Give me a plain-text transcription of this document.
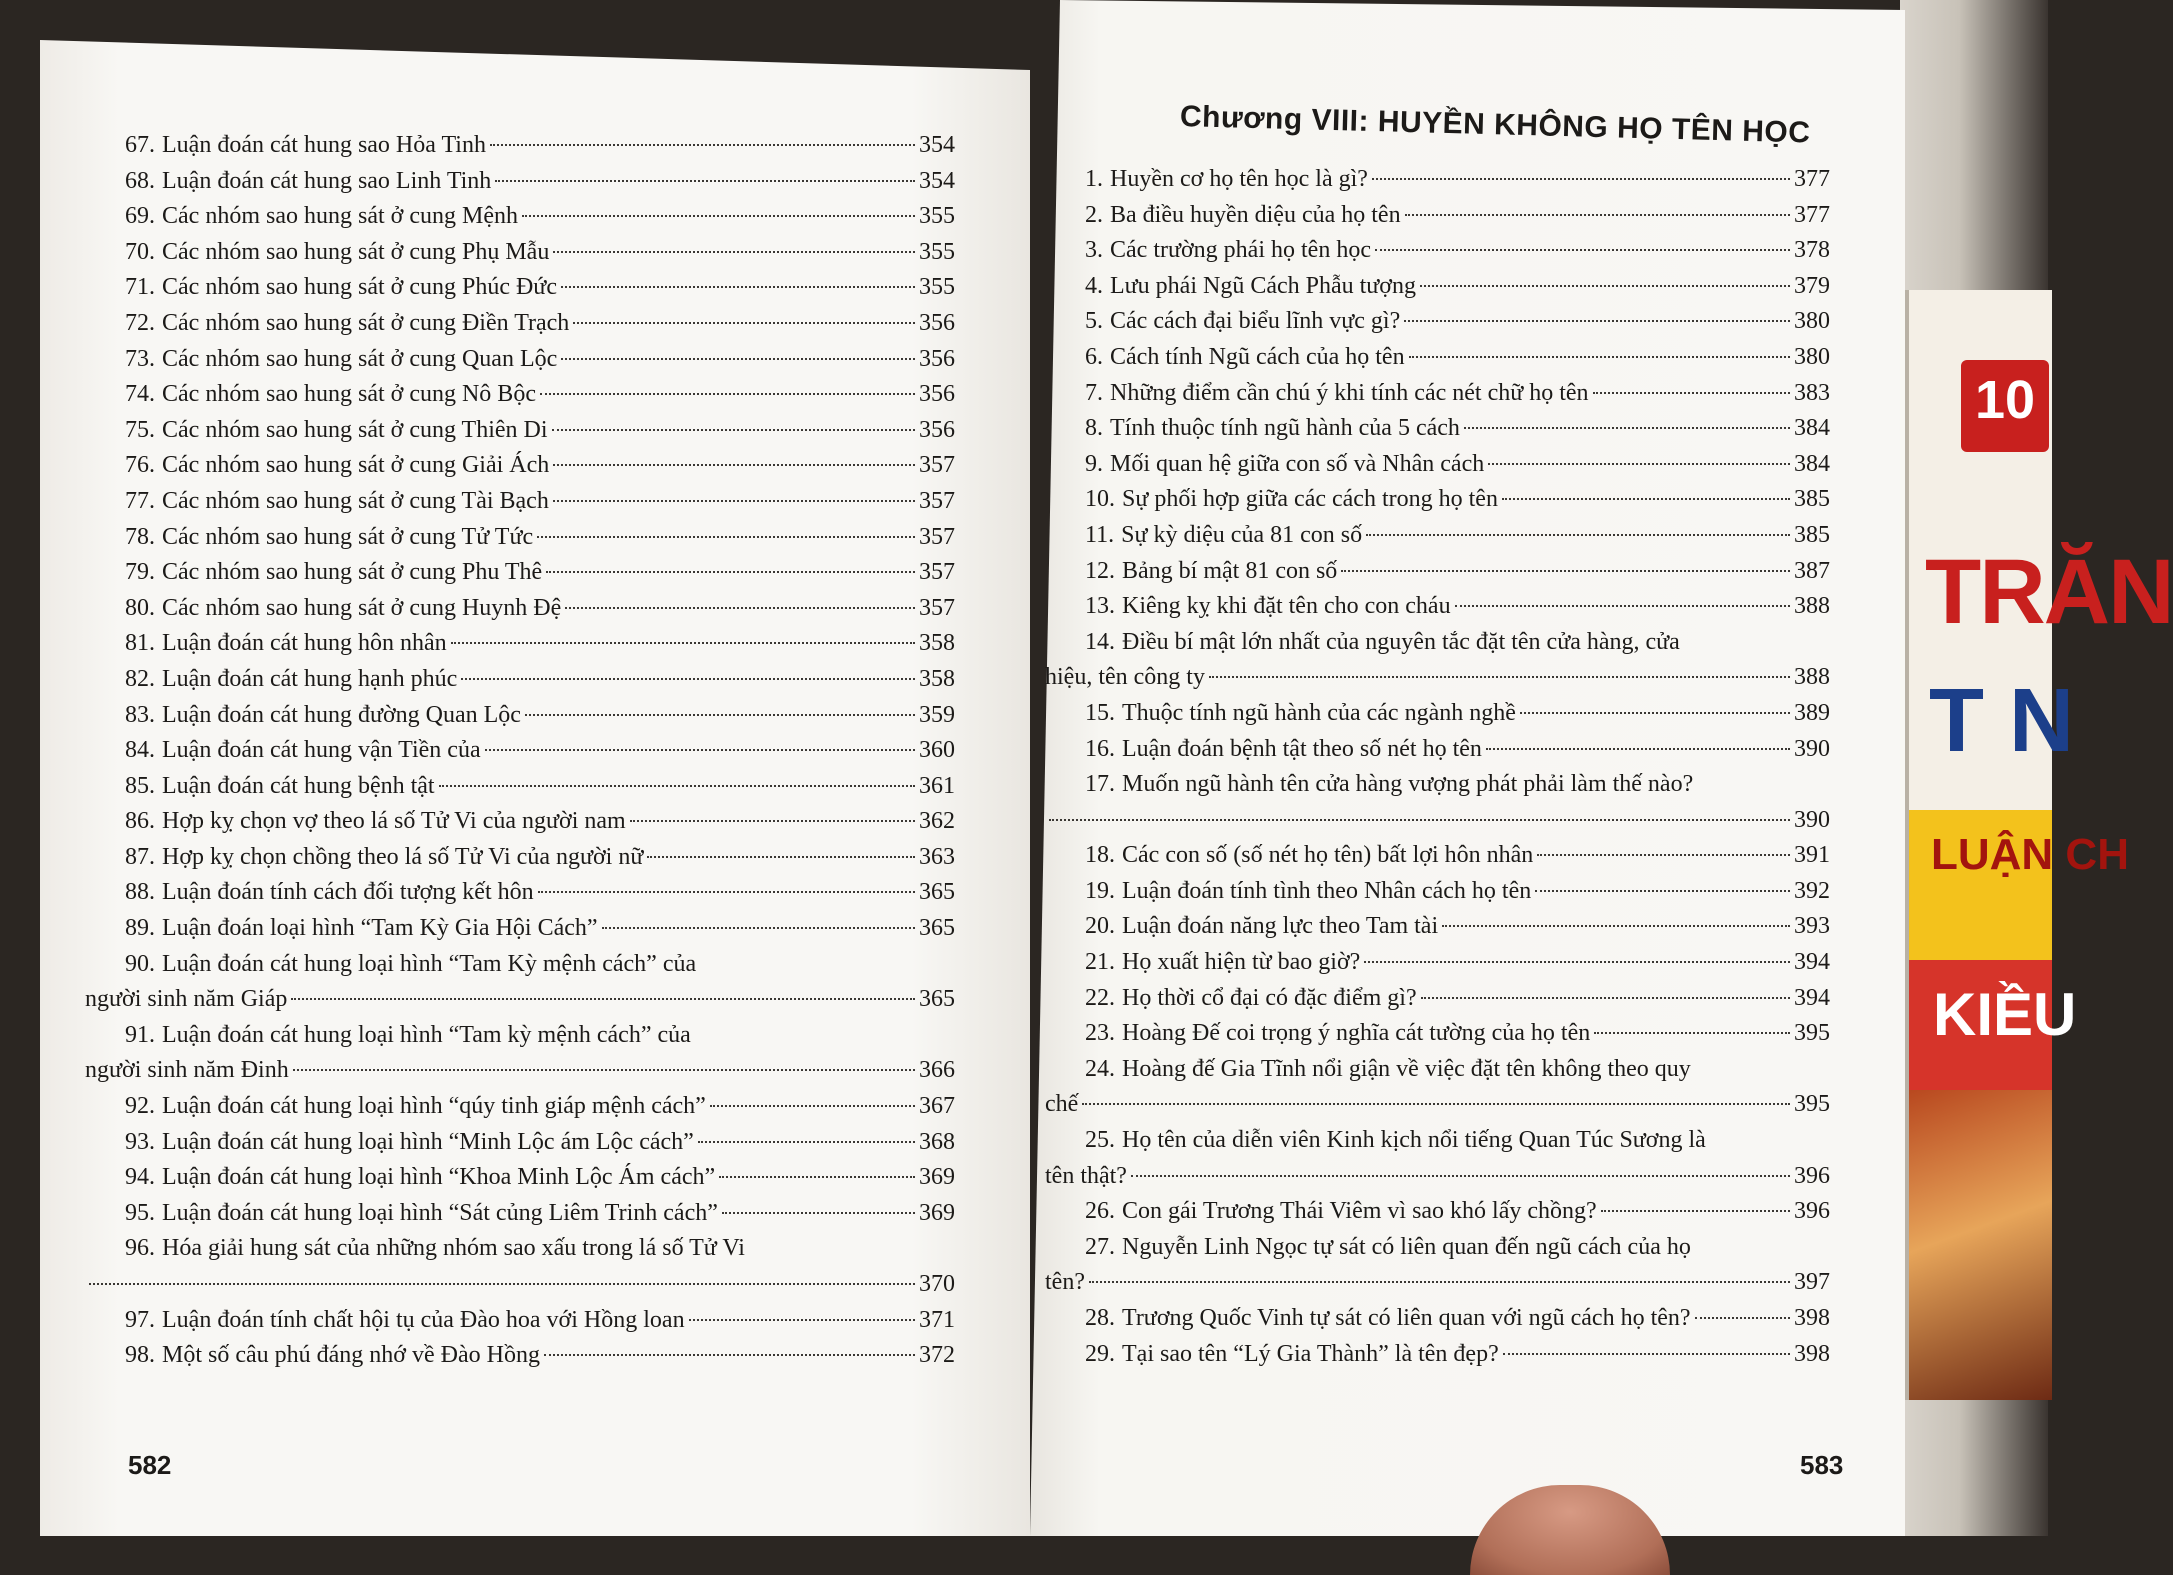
10
TRĂN
T N
LUẬN CH
KIỀU
67. Luận đoán cát hung sao Hỏa Tinh	354
68. Luận đoán cát hung sao Linh Tinh	354
69. Các nhóm sao hung sát ở cung Mệnh	355
70. Các nhóm sao hung sát ở cung Phụ Mẫu	355
71. Các nhóm sao hung sát ở cung Phúc Đức	355
72. Các nhóm sao hung sát ở cung Điền Trạch	356
73. Các nhóm sao hung sát ở cung Quan Lộc	356
74. Các nhóm sao hung sát ở cung Nô Bộc	356
75. Các nhóm sao hung sát ở cung Thiên Di	356
76. Các nhóm sao hung sát ở cung Giải Ách	357
77. Các nhóm sao hung sát ở cung Tài Bạch	357
78. Các nhóm sao hung sát ở cung Tử Tức	357
79. Các nhóm sao hung sát ở cung Phu Thê	357
80. Các nhóm sao hung sát ở cung Huynh Đệ	357
81. Luận đoán cát hung hôn nhân	358
82. Luận đoán cát hung hạnh phúc	358
83. Luận đoán cát hung đường Quan Lộc	359
84. Luận đoán cát hung vận Tiền của	360
85. Luận đoán cát hung bệnh tật	361
86. Hợp kỵ chọn vợ theo lá số Tử Vi của người nam	362
87. Hợp kỵ chọn chồng theo lá số Tử Vi của người nữ	363
88. Luận đoán tính cách đối tượng kết hôn	365
89. Luận đoán loại hình “Tam Kỳ Gia Hội Cách”	365
90. Luận đoán cát hung loại hình “Tam Kỳ mệnh cách” của
người sinh năm Giáp	365
91. Luận đoán cát hung loại hình “Tam kỳ mệnh cách” của
người sinh năm Đinh	366
92. Luận đoán cát hung loại hình “qúy tinh giáp mệnh cách”	367
93. Luận đoán cát hung loại hình “Minh Lộc ám Lộc cách”	368
94. Luận đoán cát hung loại hình “Khoa Minh Lộc Ám cách”	369
95. Luận đoán cát hung loại hình “Sát củng Liêm Trinh cách”	369
96. Hóa giải hung sát của những nhóm sao xấu trong lá số Tử Vi
370
97. Luận đoán tính chất hội tụ của Đào hoa với Hồng loan	371
98. Một số câu phú đáng nhớ về Đào Hồng	372
Chương VIII: HUYỀN KHÔNG HỌ TÊN HỌC
1. Huyền cơ họ tên học là gì?	377
2. Ba điều huyền diệu của họ tên	377
3. Các trường phái họ tên học	378
4. Lưu phái Ngũ Cách Phẫu tượng	379
5. Các cách đại biểu lĩnh vực gì?	380
6. Cách tính Ngũ cách của họ tên	380
7. Những điểm cần chú ý khi tính các nét chữ họ tên	383
8. Tính thuộc tính ngũ hành của 5 cách	384
9. Mối quan hệ giữa con số và Nhân cách	384
10. Sự phối hợp giữa các cách trong họ tên	385
11. Sự kỳ diệu của 81 con số	385
12. Bảng bí mật 81 con số	387
13. Kiêng kỵ khi đặt tên cho con cháu	388
14. Điều bí mật lớn nhất của nguyên tắc đặt tên cửa hàng, cửa
hiệu, tên công ty	388
15. Thuộc tính ngũ hành của các ngành nghề	389
16. Luận đoán bệnh tật theo số nét họ tên	390
17. Muốn ngũ hành tên cửa hàng vượng phát phải làm thế nào?
390
18. Các con số (số nét họ tên) bất lợi hôn nhân	391
19. Luận đoán tính tình theo Nhân cách họ tên	392
20. Luận đoán năng lực theo Tam tài	393
21. Họ xuất hiện từ bao giờ?	394
22. Họ thời cổ đại có đặc điểm gì?	394
23. Hoàng Đế coi trọng ý nghĩa cát tường của họ tên	395
24. Hoàng đế Gia Tĩnh nổi giận về việc đặt tên không theo quy
chế	395
25. Họ tên của diễn viên Kinh kịch nổi tiếng Quan Túc Sương là
tên thật?	396
26. Con gái Trương Thái Viêm vì sao khó lấy chồng?	396
27. Nguyễn Linh Ngọc tự sát có liên quan đến ngũ cách của họ
tên?	397
28. Trương Quốc Vinh tự sát có liên quan với ngũ cách họ tên?	398
29. Tại sao tên “Lý Gia Thành” là tên đẹp?	398
582	583
